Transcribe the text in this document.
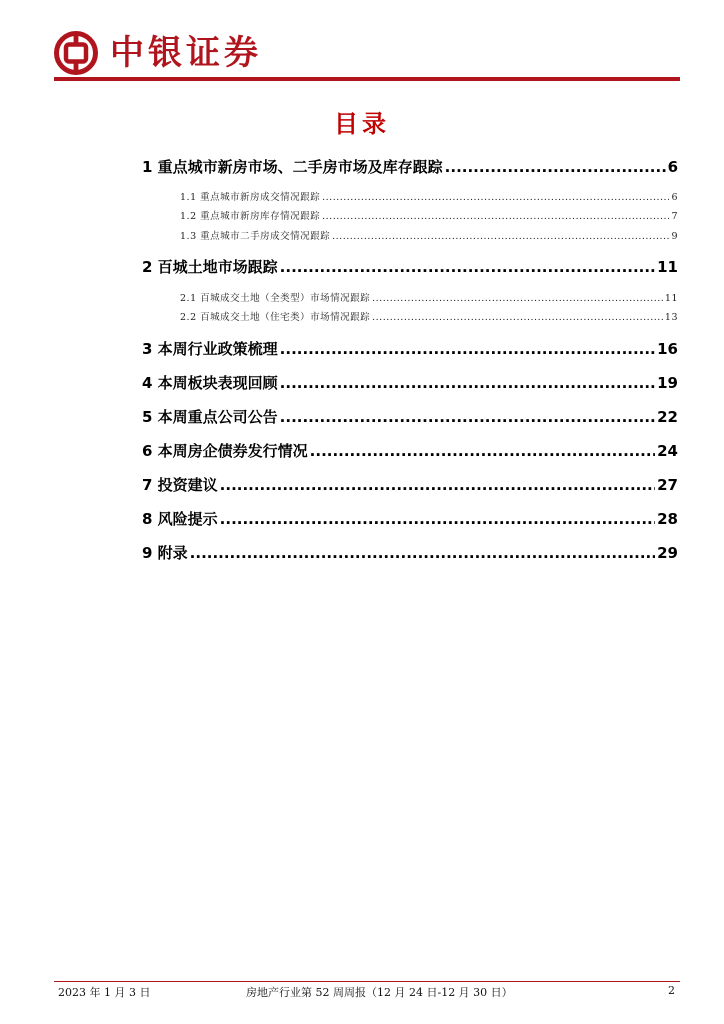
中银证券
目录
1 重点城市新房市场、二手房市场及库存跟踪 .....	6
1.1 重点城市新房成交情况跟踪 .....	6
1.2 重点城市新房库存情况跟踪 .....	7
1.3 重点城市二手房成交情况跟踪 .....	9
2 百城土地市场跟踪 .....	11
2.1 百城成交土地（全类型）市场情况跟踪 .....	11
2.2 百城成交土地（住宅类）市场情况跟踪 .....	13
3 本周行业政策梳理 .....	16
4 本周板块表现回顾 .....	19
5 本周重点公司公告 .....	22
6 本周房企债券发行情况 .....	24
7 投资建议 .....	27
8 风险提示 .....	28
9 附录 .....	29
2023 年 1 月 3 日	房地产行业第 52 周周报（12 月 24 日-12 月 30 日）	2
